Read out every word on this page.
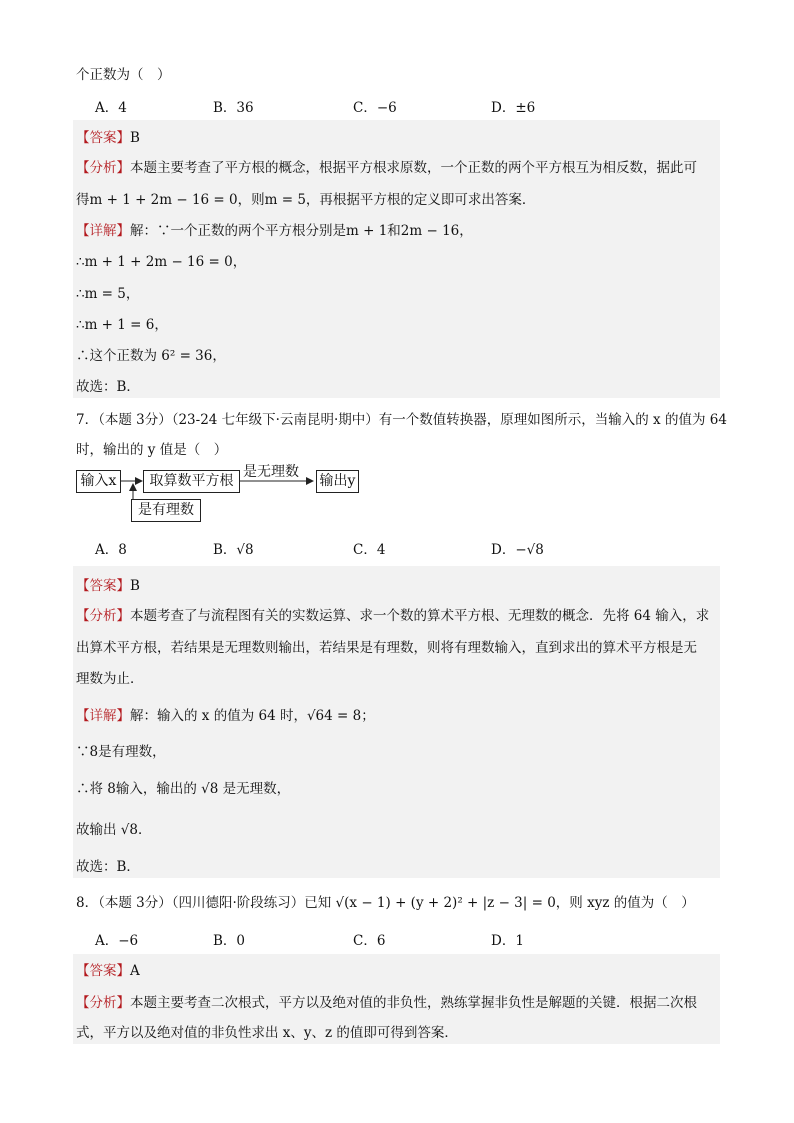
个正数为（　）
A．4	B．36	C．−6	D．±6
【答案】B
【分析】本题主要考查了平方根的概念，根据平方根求原数，一个正数的两个平方根互为相反数，据此可
得m + 1 + 2m − 16 = 0，则m = 5，再根据平方根的定义即可求出答案．
【详解】解：∵一个正数的两个平方根分别是m + 1和2m − 16，
∴m + 1 + 2m − 16 = 0，
∴m = 5，
∴m + 1 = 6，
∴这个正数为 6² = 36，
故选：B．
7．（本题 3分）（23-24 七年级下·云南昆明·期中）有一个数值转换器，原理如图所示，当输入的 x 的值为 64
时，输出的 y 值是（　）
输入x	取算数平方根
是无理数
输出y
是有理数
A．8	B．√8	C．4	D．−√8
【答案】B
【分析】本题考查了与流程图有关的实数运算、求一个数的算术平方根、无理数的概念．先将 64 输入，求
出算术平方根，若结果是无理数则输出，若结果是有理数，则将有理数输入，直到求出的算术平方根是无
理数为止．
【详解】解：输入的 x 的值为 64 时，√64 = 8；
∵8是有理数，
∴将 8输入，输出的 √8 是无理数，
故输出 √8．
故选：B．
8．（本题 3分）（四川德阳·阶段练习）已知 √(x − 1) + (y + 2)² + |z − 3| = 0，则 xyz 的值为（　）
A．−6	B．0	C．6	D．1
【答案】A
【分析】本题主要考查二次根式，平方以及绝对值的非负性，熟练掌握非负性是解题的关键．根据二次根
式，平方以及绝对值的非负性求出 x、y、z 的值即可得到答案．
